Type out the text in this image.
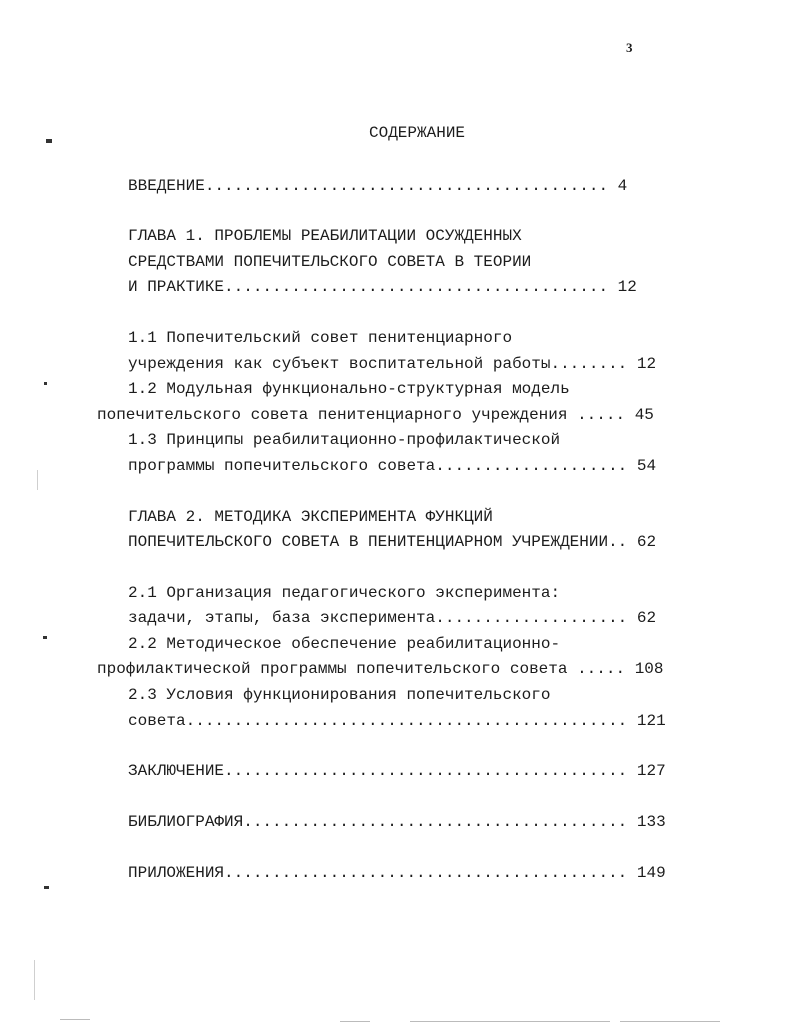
3
СОДЕРЖАНИЕ
ВВЕДЕНИЕ.......................................... 4
ГЛАВА 1. ПРОБЛЕМЫ РЕАБИЛИТАЦИИ ОСУЖДЕННЫХ
СРЕДСТВАМИ ПОПЕЧИТЕЛЬСКОГО СОВЕТА В ТЕОРИИ
И ПРАКТИКЕ........................................ 12
1.1 Попечительский совет пенитенциарного
учреждения как субъект воспитательной работы........ 12
1.2 Модульная функционально-структурная модель
попечительского совета пенитенциарного учреждения ..... 45
1.3 Принципы реабилитационно-профилактической
программы попечительского совета.................... 54
ГЛАВА 2. МЕТОДИКА ЭКСПЕРИМЕНТА ФУНКЦИЙ
ПОПЕЧИТЕЛЬСКОГО СОВЕТА В ПЕНИТЕНЦИАРНОМ УЧРЕЖДЕНИИ.. 62
2.1 Организация педагогического эксперимента:
задачи, этапы, база эксперимента.................... 62
2.2 Методическое обеспечение реабилитационно-
профилактической программы попечительского совета ..... 108
2.3 Условия функционирования попечительского
совета.............................................. 121
ЗАКЛЮЧЕНИЕ.......................................... 127
БИБЛИОГРАФИЯ........................................ 133
ПРИЛОЖЕНИЯ.......................................... 149
